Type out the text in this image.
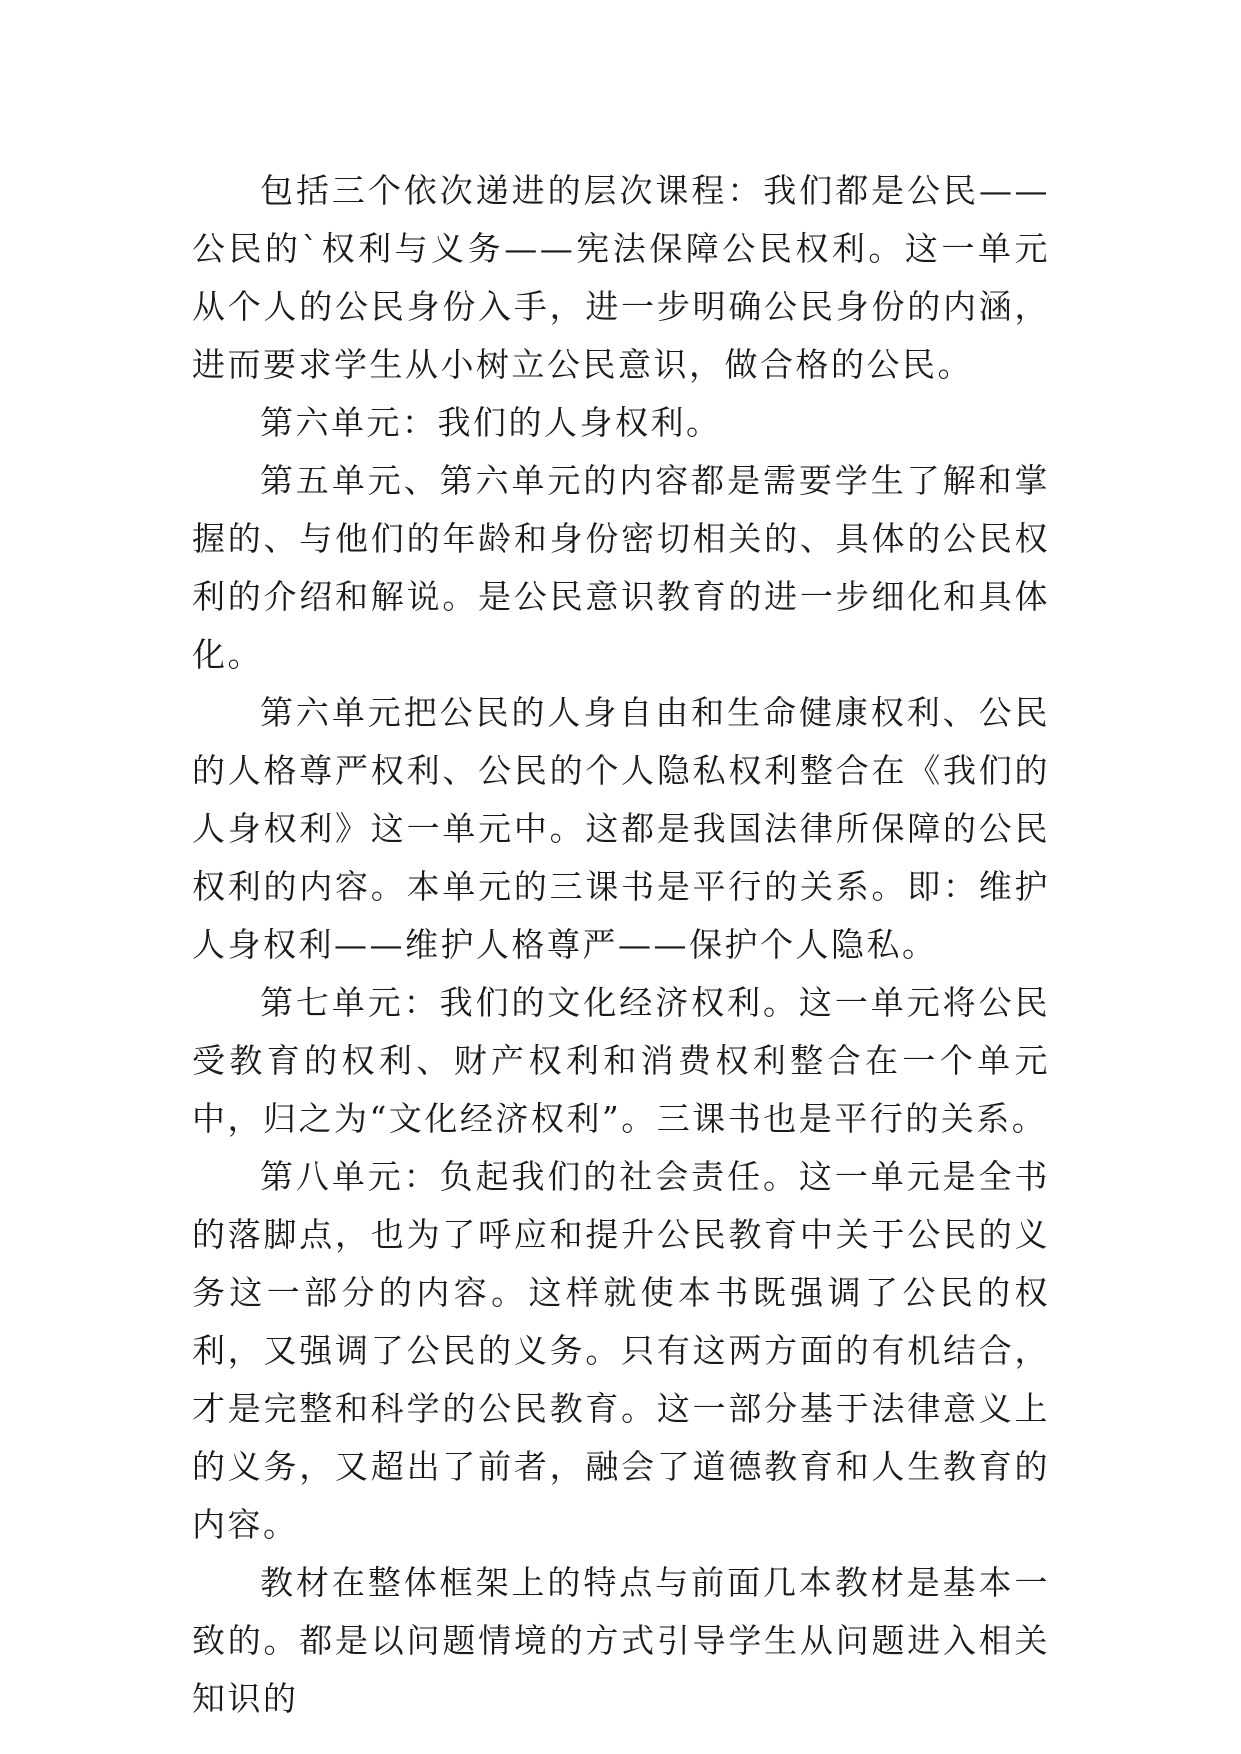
包括三个依次递进的层次课程：我们都是公民——公民的`权利与义务——宪法保障公民权利。这一单元从个人的公民身份入手，进一步明确公民身份的内涵，进而要求学生从小树立公民意识，做合格的公民。

第六单元：我们的人身权利。

第五单元、第六单元的内容都是需要学生了解和掌握的、与他们的年龄和身份密切相关的、具体的公民权利的介绍和解说。是公民意识教育的进一步细化和具体化。

第六单元把公民的人身自由和生命健康权利、公民的人格尊严权利、公民的个人隐私权利整合在《我们的人身权利》这一单元中。这都是我国法律所保障的公民权利的内容。本单元的三课书是平行的关系。即：维护人身权利——维护人格尊严——保护个人隐私。

第七单元：我们的文化经济权利。这一单元将公民受教育的权利、财产权利和消费权利整合在一个单元中，归之为“文化经济权利”。三课书也是平行的关系。

第八单元：负起我们的社会责任。这一单元是全书的落脚点，也为了呼应和提升公民教育中关于公民的义务这一部分的内容。这样就使本书既强调了公民的权利，又强调了公民的义务。只有这两方面的有机结合，才是完整和科学的公民教育。这一部分基于法律意义上的义务，又超出了前者，融会了道德教育和人生教育的内容。

教材在整体框架上的特点与前面几本教材是基本一致的。都是以问题情境的方式引导学生从问题进入相关知识的
